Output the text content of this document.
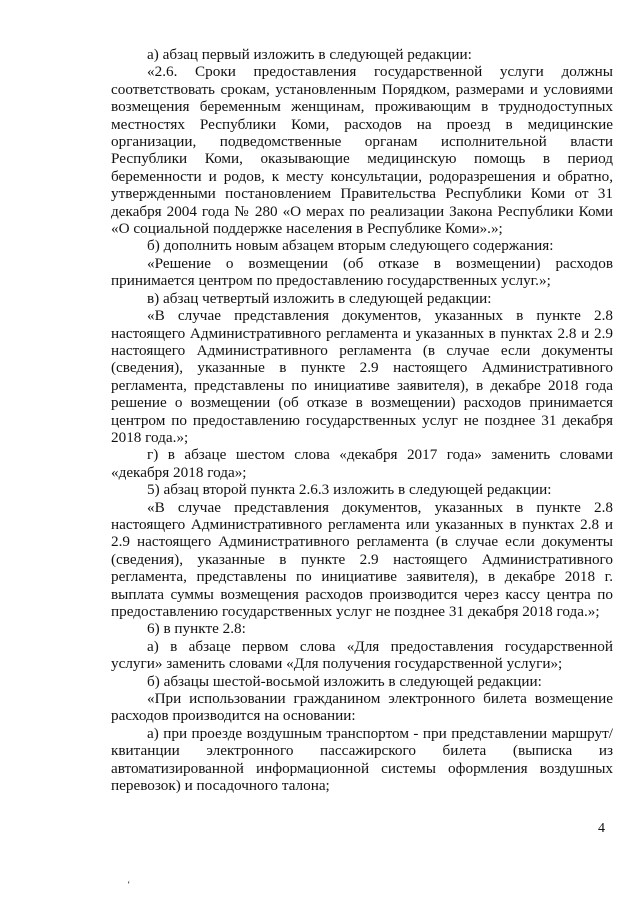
а) абзац первый изложить в следующей редакции:

«2.6. Сроки предоставления государственной услуги должны соответствовать срокам, установленным Порядком, размерами и условиями возмещения беременным женщинам, проживающим в труднодоступных местностях Республики Коми, расходов на проезд в медицинские организации, подведомственные органам исполнительной власти Республики Коми, оказывающие медицинскую помощь в период беременности и родов, к месту консультации, родоразрешения и обратно, утвержденными постановлением Правительства Республики Коми от 31 декабря 2004 года № 280 «О мерах по реализации Закона Республики Коми «О социальной поддержке населения в Республике Коми».»;

б) дополнить новым абзацем вторым следующего содержания:

«Решение о возмещении (об отказе в возмещении) расходов принимается центром по предоставлению государственных услуг.»;

в) абзац четвертый изложить в следующей редакции:

«В случае представления документов, указанных в пункте 2.8 настоящего Административного регламента и указанных в пунктах 2.8 и 2.9 настоящего Административного регламента (в случае если документы (сведения), указанные в пункте 2.9 настоящего Административного регламента, представлены по инициативе заявителя), в декабре 2018 года решение о возмещении (об отказе в возмещении) расходов принимается центром по предоставлению государственных услуг не позднее 31 декабря 2018 года.»;

г) в абзаце шестом слова «декабря 2017 года» заменить словами «декабря 2018 года»;

5) абзац второй пункта 2.6.3 изложить в следующей редакции:

«В случае представления документов, указанных в пункте 2.8 настоящего Административного регламента или указанных в пунктах 2.8 и 2.9 настоящего Административного регламента (в случае если документы (сведения), указанные в пункте 2.9 настоящего Административного регламента, представлены по инициативе заявителя), в декабре 2018 г. выплата суммы возмещения расходов производится через кассу центра по предоставлению государственных услуг не позднее 31 декабря 2018 года.»;

6) в пункте 2.8:

а) в абзаце первом слова «Для предоставления государственной услуги» заменить словами «Для получения государственной услуги»;

б) абзацы шестой-восьмой изложить в следующей редакции:

«При использовании гражданином электронного билета возмещение расходов производится на основании:

а) при проезде воздушным транспортом - при представлении маршрут/квитанции электронного пассажирского билета (выписка из автоматизированной информационной системы оформления воздушных перевозок) и посадочного талона;

4
‘
